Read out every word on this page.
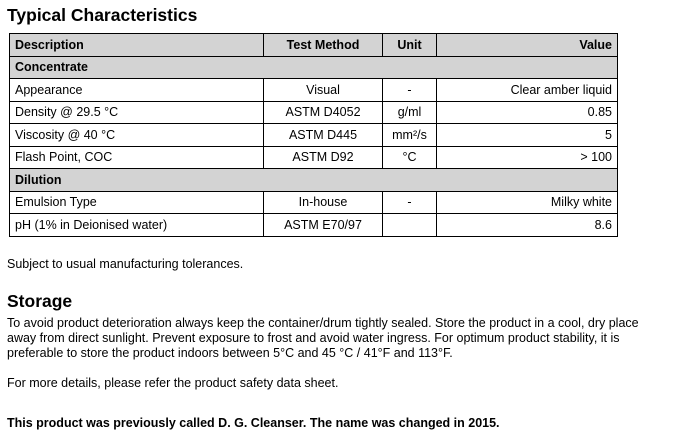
Typical Characteristics
Description	Test Method	Unit	Value
Concentrate			
Appearance	Visual	-	Clear amber liquid
Density @ 29.5 °C	ASTM D4052	g/ml	0.85
Viscosity @ 40 °C	ASTM D445	mm²/s	5
Flash Point, COC	ASTM D92	°C	> 100
Dilution			
Emulsion Type	In-house	-	Milky white
pH (1% in Deionised water)	ASTM E70/97		8.6
Subject to usual manufacturing tolerances.
Storage

To avoid product deterioration always keep the container/drum tightly sealed. Store the product in a cool, dry place away from direct sunlight. Prevent exposure to frost and avoid water ingress. For optimum product stability, it is preferable to store the product indoors between 5°C and 45 °C / 41°F and 113°F.

For more details, please refer the product safety data sheet.

This product was previously called D. G. Cleanser. The name was changed in 2015.
